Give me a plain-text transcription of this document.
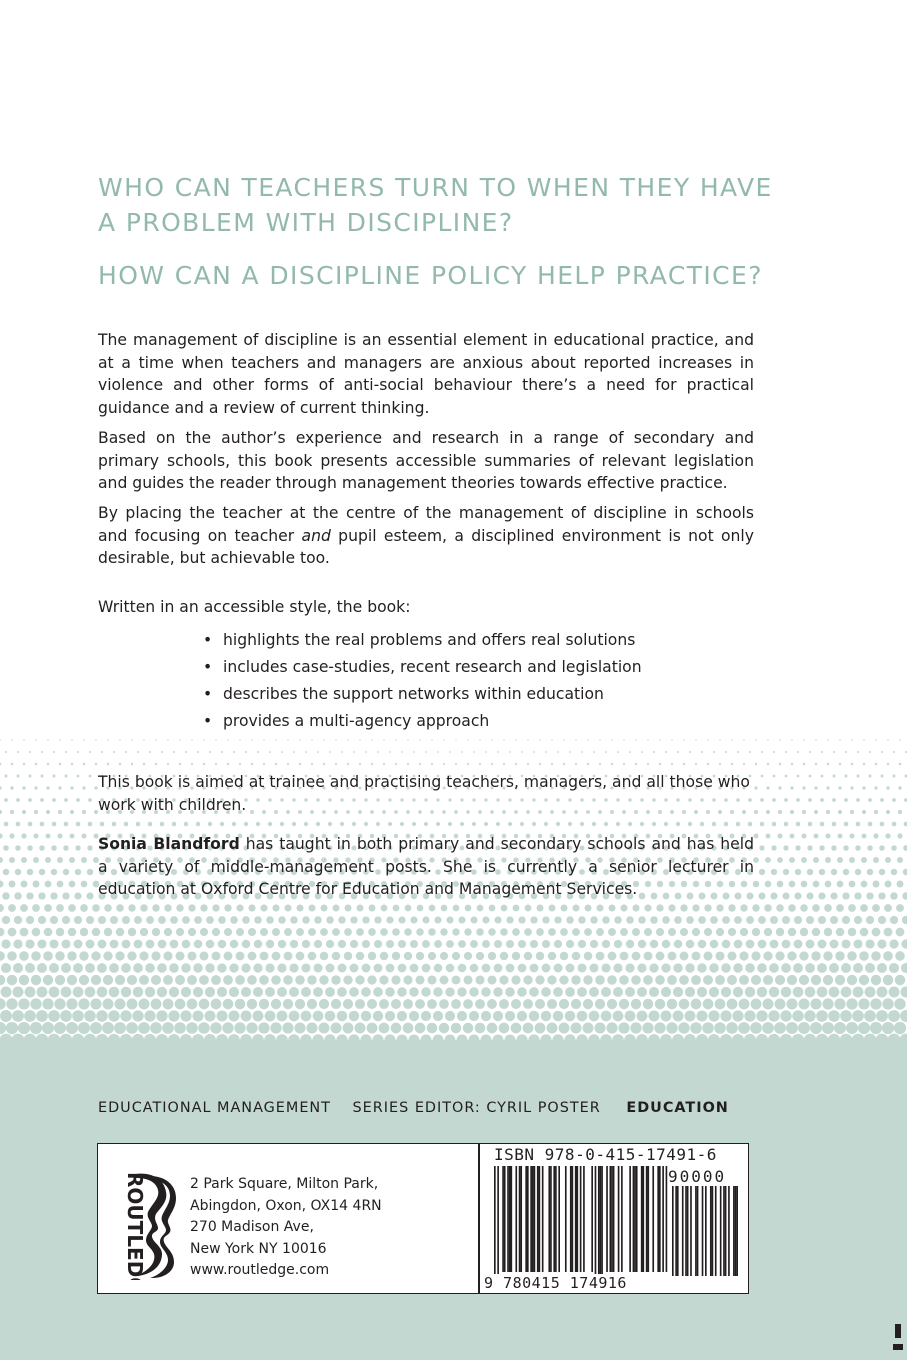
WHO CAN TEACHERS TURN TO WHEN THEY HAVE A PROBLEM WITH DISCIPLINE?
HOW CAN A DISCIPLINE POLICY HELP PRACTICE?

The management of discipline is an essential element in educational practice, and at a time when teachers and managers are anxious about reported increases in violence and other forms of anti-social behaviour there’s a need for practical guidance and a review of current thinking.

Based on the author’s experience and research in a range of secondary and primary schools, this book presents accessible summaries of relevant legislation and guides the reader through management theories towards effective practice.

By placing the teacher at the centre of the management of discipline in schools and focusing on teacher and pupil esteem, a disciplined environment is not only desirable, but achievable too.

Written in an accessible style, the book:

• highlights the real problems and offers real solutions
• includes case-studies, recent research and legislation
• describes the support networks within education
• provides a multi-agency approach

This book is aimed at trainee and practising teachers, managers, and all those who work with children.

Sonia Blandford has taught in both primary and secondary schools and has held a variety of middle-management posts. She is currently a senior lecturer in education at Oxford Centre for Education and Management Services.

EDUCATIONAL MANAGEMENT SERIES EDITOR: CYRIL POSTER EDUCATION
ROUTLEDGE	2 Park Square, Milton Park,
Abingdon, Oxon, OX14 4RN
270 Madison Ave,
New York NY 10016
www.routledge.com
ISBN 978-0-415-17491-6
90000
9 780415 174916
